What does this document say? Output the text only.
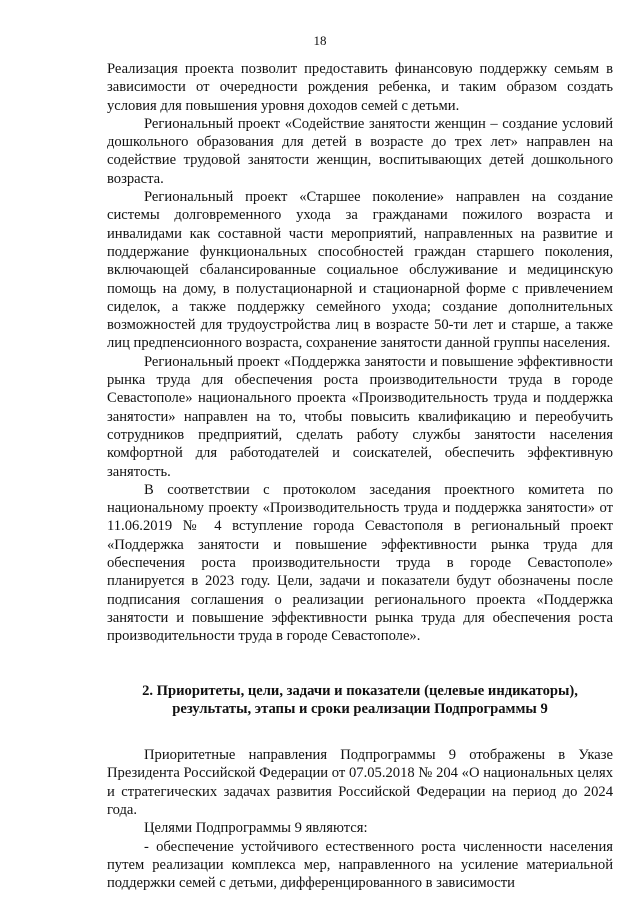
18

Реализация проекта позволит предоставить финансовую поддержку семьям в зависимости от очередности рождения ребенка, и таким образом создать условия для повышения уровня доходов семей с детьми.

Региональный проект «Содействие занятости женщин – создание условий дошкольного образования для детей в возрасте до трех лет» направлен на содействие трудовой занятости женщин, воспитывающих детей дошкольного возраста.

Региональный проект «Старшее поколение» направлен на создание системы долговременного ухода за гражданами пожилого возраста и инвалидами как составной части мероприятий, направленных на развитие и поддержание функциональных способностей граждан старшего поколения, включающей сбалансированные социальное обслуживание и медицинскую помощь на дому, в полустационарной и стационарной форме с привлечением сиделок, а также поддержку семейного ухода; создание дополнительных возможностей для трудоустройства лиц в возрасте 50-ти лет и старше, а также лиц предпенсионного возраста, сохранение занятости данной группы населения.

Региональный проект «Поддержка занятости и повышение эффективности рынка труда для обеспечения роста производительности труда в городе Севастополе» национального проекта «Производительность труда и поддержка занятости» направлен на то, чтобы повысить квалификацию и переобучить сотрудников предприятий, сделать работу службы занятости населения комфортной для работодателей и соискателей, обеспечить эффективную занятость.

В соответствии с протоколом заседания проектного комитета по национальному проекту «Производительность труда и поддержка занятости» от 11.06.2019 № 4 вступление города Севастополя в региональный проект «Поддержка занятости и повышение эффективности рынка труда для обеспечения роста производительности труда в городе Севастополе» планируется в 2023 году. Цели, задачи и показатели будут обозначены после подписания соглашения о реализации регионального проекта «Поддержка занятости и повышение эффективности рынка труда для обеспечения роста производительности труда в городе Севастополе».

2. Приоритеты, цели, задачи и показатели (целевые индикаторы), результаты, этапы и сроки реализации Подпрограммы 9

Приоритетные направления Подпрограммы 9 отображены в Указе Президента Российской Федерации от 07.05.2018 № 204 «О национальных целях и стратегических задачах развития Российской Федерации на период до 2024 года.

Целями Подпрограммы 9 являются:

- обеспечение устойчивого естественного роста численности населения путем реализации комплекса мер, направленного на усиление материальной поддержки семей с детьми, дифференцированного в зависимости
